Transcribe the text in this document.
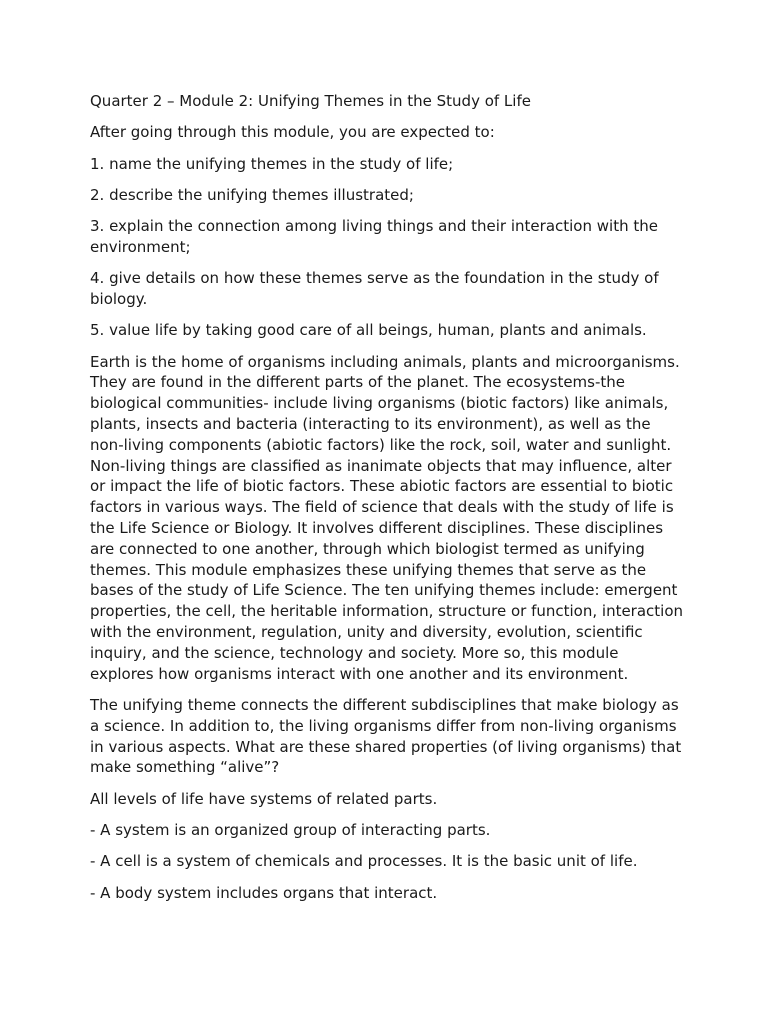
Quarter 2 – Module 2: Unifying Themes in the Study of Life

After going through this module, you are expected to:

1. name the unifying themes in the study of life;

2. describe the unifying themes illustrated;

3. explain the connection among living things and their interaction with the environment;

4. give details on how these themes serve as the foundation in the study of biology.

5. value life by taking good care of all beings, human, plants and animals.

Earth is the home of organisms including animals, plants and microorganisms. They are found in the different parts of the planet. The ecosystems-the biological communities- include living organisms (biotic factors) like animals, plants, insects and bacteria (interacting to its environment), as well as the non-living components (abiotic factors) like the rock, soil, water and sunlight. Non-living things are classified as inanimate objects that may influence, alter or impact the life of biotic factors. These abiotic factors are essential to biotic factors in various ways. The field of science that deals with the study of life is the Life Science or Biology. It involves different disciplines. These disciplines are connected to one another, through which biologist termed as unifying themes. This module emphasizes these unifying themes that serve as the bases of the study of Life Science. The ten unifying themes include: emergent properties, the cell, the heritable information, structure or function, interaction with the environment, regulation, unity and diversity, evolution, scientific inquiry, and the science, technology and society. More so, this module explores how organisms interact with one another and its environment.

The unifying theme connects the different subdisciplines that make biology as a science. In addition to, the living organisms differ from non-living organisms in various aspects. What are these shared properties (of living organisms) that make something “alive”?

All levels of life have systems of related parts.

- A system is an organized group of interacting parts.

- A cell is a system of chemicals and processes. It is the basic unit of life.

- A body system includes organs that interact.
